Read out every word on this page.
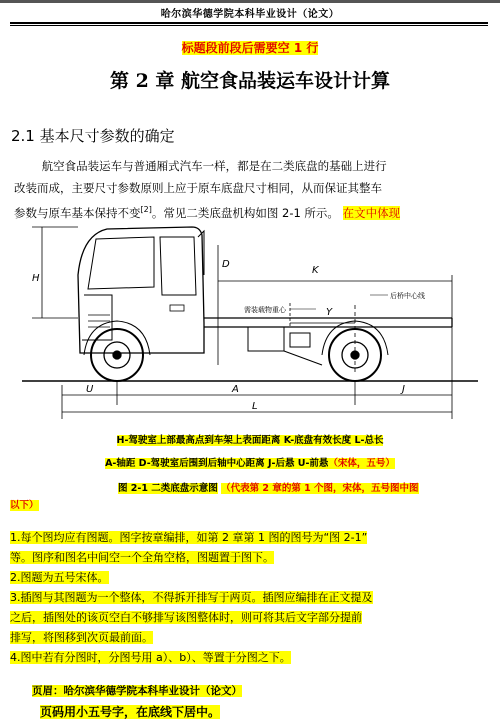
哈尔滨华德学院本科毕业设计（论文）
标题段前段后需要空 1 行
第 2 章 航空食品装运车设计计算
2.1 基本尺寸参数的确定
航空食品装运车与普通厢式汽车一样，都是在二类底盘的基础上进行
改装而成，主要尺寸参数原则上应于原车底盘尺寸相同，从而保证其整车
参数与原车基本保持不变[2]。常见二类底盘机构如图 2-1 所示。 在文中体现
H
D
K
Y
需装载物重心
后桥中心线
U	A	J
L
H-驾驶室上部最高点到车架上表面距离 K-底盘有效长度 L-总长
A-轴距 D-驾驶室后围到后轴中心距离 J-后悬 U-前悬（宋体，五号）
图 2-1 二类底盘示意图 （代表第 2 章的第 1 个图，宋体，五号图中图
以下）
1.每个图均应有图题。图字按章编排，如第 2 章第 1 图的图号为“图 2-1”
等。图序和图名中间空一个全角空格，图题置于图下。
2.图题为五号宋体。
3.插图与其图题为一个整体，不得拆开排写于两页。插图应编排在正文提及
之后，插图处的该页空白不够排写该图整体时，则可将其后文字部分提前
排写，将图移到次页最前面。
4.图中若有分图时，分图号用 a）、b）、等置于分图之下。
页眉：哈尔滨华德学院本科毕业设计（论文）
页码用小五号字，在底线下居中。
